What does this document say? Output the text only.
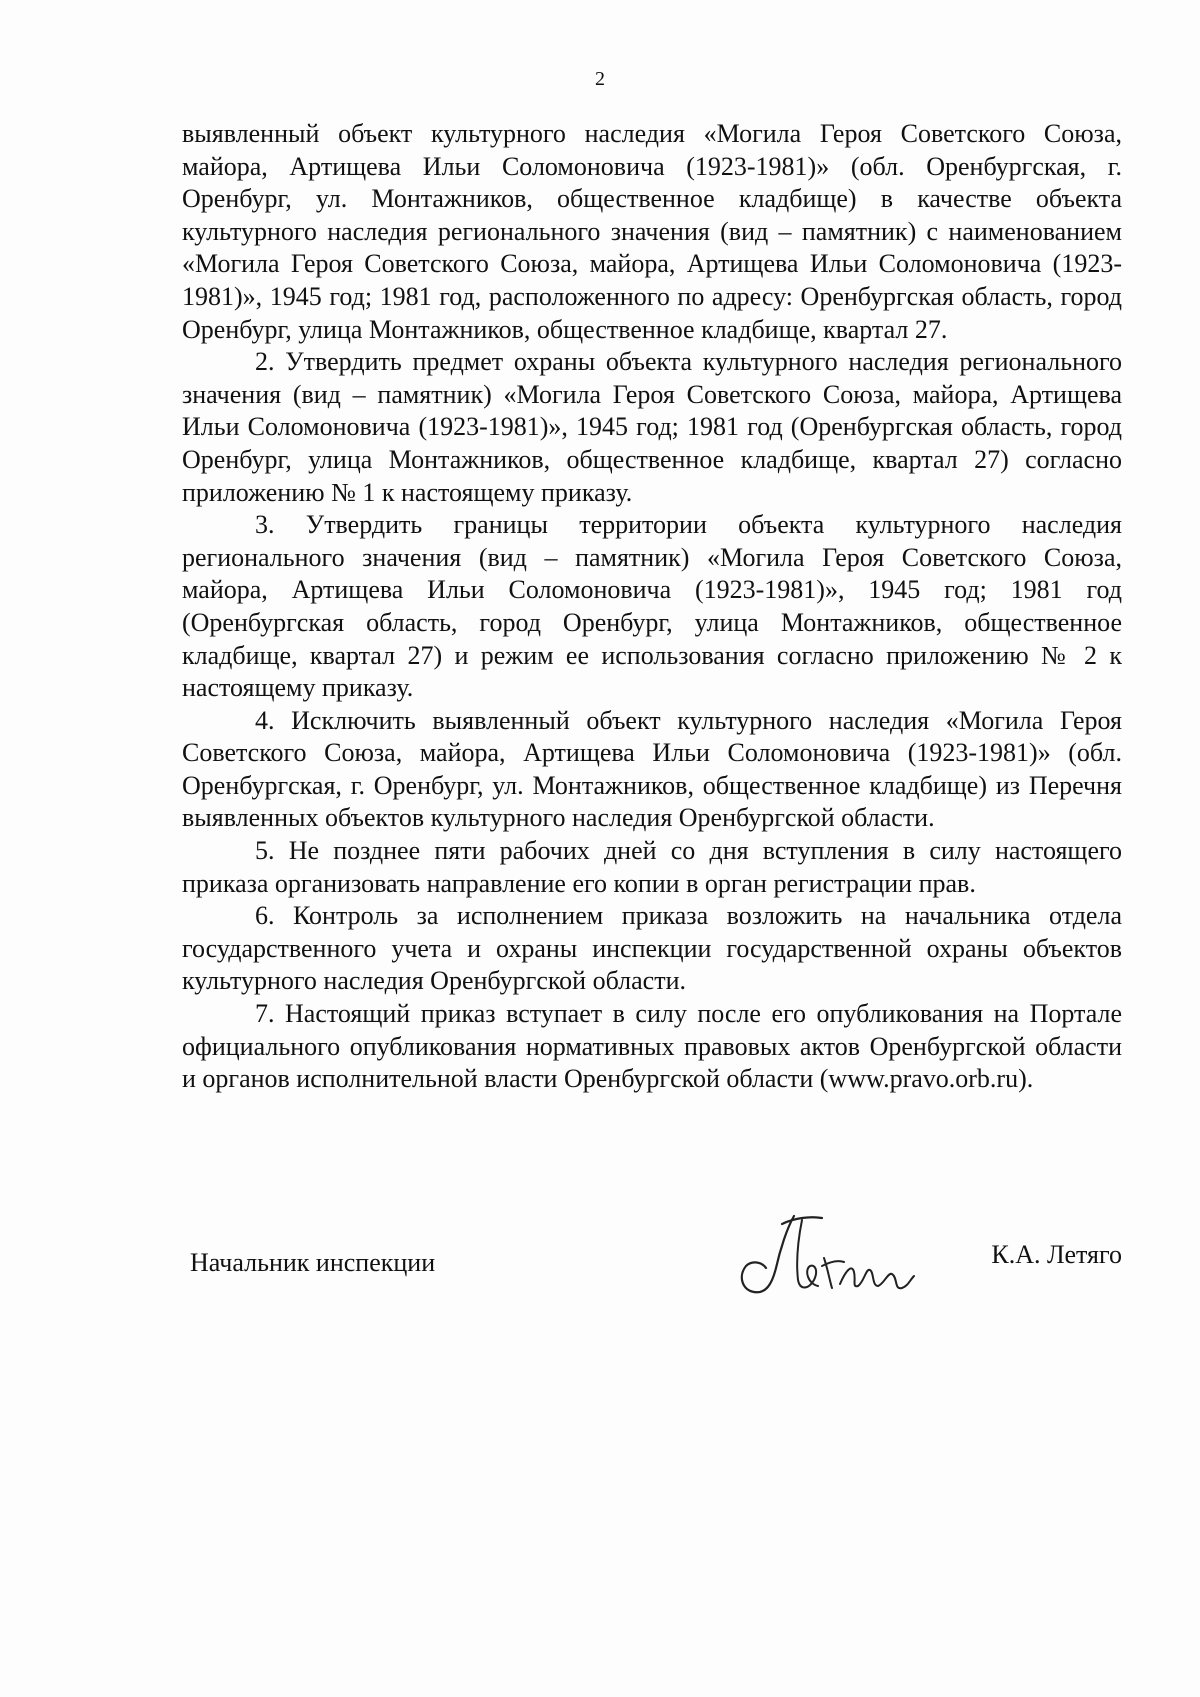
2

выявленный объект культурного наследия «Могила Героя Советского Союза, майора, Артищева Ильи Соломоновича (1923-1981)» (обл. Оренбургская, г. Оренбург, ул. Монтажников, общественное кладбище) в качестве объекта культурного наследия регионального значения (вид – памятник) с наименованием «Могила Героя Советского Союза, майора, Артищева Ильи Соломоновича (1923-1981)», 1945 год; 1981 год, расположенного по адресу: Оренбургская область, город Оренбург, улица Монтажников, общественное кладбище, квартал 27.

2. Утвердить предмет охраны объекта культурного наследия регионального значения (вид – памятник) «Могила Героя Советского Союза, майора, Артищева Ильи Соломоновича (1923-1981)», 1945 год; 1981 год (Оренбургская область, город Оренбург, улица Монтажников, общественное кладбище, квартал 27) согласно приложению № 1 к настоящему приказу.

3. Утвердить границы территории объекта культурного наследия регионального значения (вид – памятник) «Могила Героя Советского Союза, майора, Артищева Ильи Соломоновича (1923-1981)», 1945 год; 1981 год (Оренбургская область, город Оренбург, улица Монтажников, общественное кладбище, квартал 27) и режим ее использования согласно приложению № 2 к настоящему приказу.

4. Исключить выявленный объект культурного наследия «Могила Героя Советского Союза, майора, Артищева Ильи Соломоновича (1923-1981)» (обл. Оренбургская, г. Оренбург, ул. Монтажников, общественное кладбище) из Перечня выявленных объектов культурного наследия Оренбургской области.

5. Не позднее пяти рабочих дней со дня вступления в силу настоящего приказа организовать направление его копии в орган регистрации прав.

6. Контроль за исполнением приказа возложить на начальника отдела государственного учета и охраны инспекции государственной охраны объектов культурного наследия Оренбургской области.

7. Настоящий приказ вступает в силу после его опубликования на Портале официального опубликования нормативных правовых актов Оренбургской области и органов исполнительной власти Оренбургской области (www.pravo.orb.ru).

Начальник инспекции	К.А. Летяго
